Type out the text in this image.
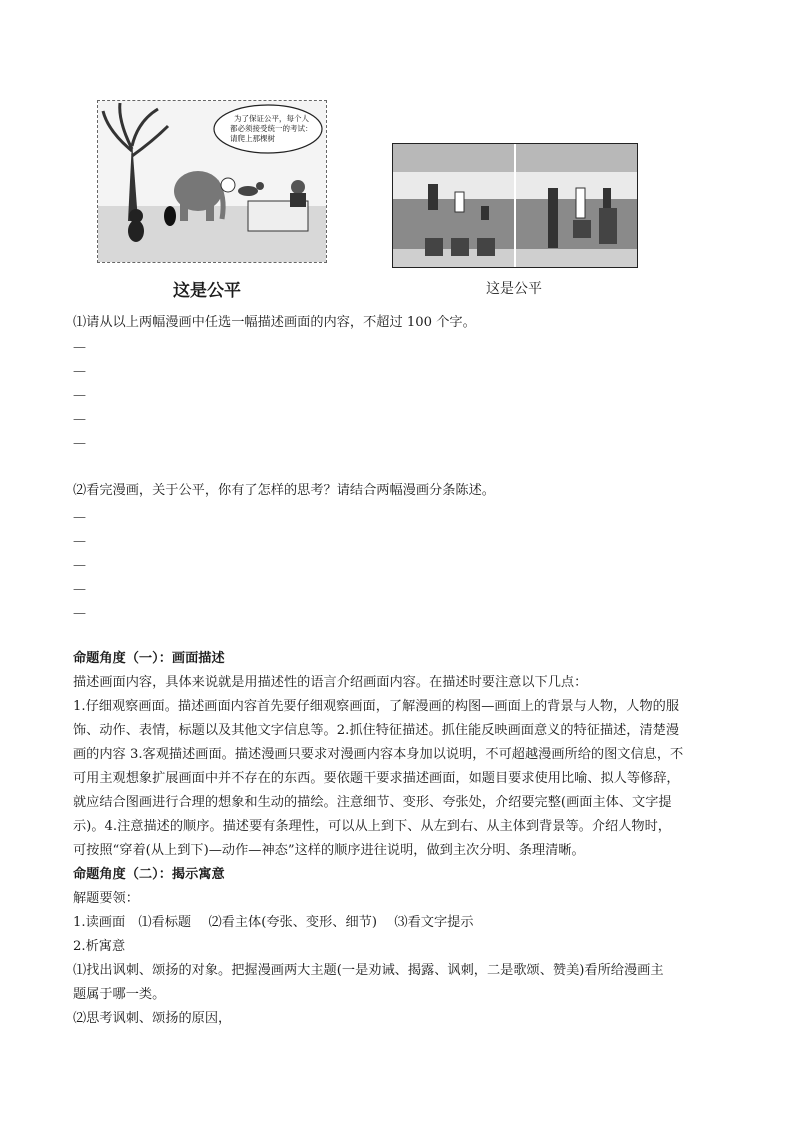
为了保证公平，每个人
都必须接受统一的考试：
请爬上那棵树
这是公平	这是公平
⑴请从以上两幅漫画中任选一幅描述画面的内容，不超过 100 个字。
—
—
—
—
—
⑵看完漫画，关于公平，你有了怎样的思考？请结合两幅漫画分条陈述。
—
—
—
—
—
命题角度（一）：画面描述
描述画面内容，具体来说就是用描述性的语言介绍画面内容。在描述时要注意以下几点：
1.仔细观察画面。描述画面内容首先要仔细观察画面，了解漫画的构图—画面上的背景与人物，人物的服
饰、动作、表情，标题以及其他文字信息等。2.抓住特征描述。抓住能反映画面意义的特征描述，清楚漫
画的内容 3.客观描述画面。描述漫画只要求对漫画内容本身加以说明，不可超越漫画所给的图文信息，不
可用主观想象扩展画面中并不存在的东西。要依题干要求描述画面，如题目要求使用比喻、拟人等修辞，
就应结合图画进行合理的想象和生动的描绘。注意细节、变形、夸张处，介绍要完整(画面主体、文字提
示)。4.注意描述的顺序。描述要有条理性，可以从上到下、从左到右、从主体到背景等。介绍人物时，
可按照“穿着(从上到下)—动作—神态”这样的顺序进往说明，做到主次分明、条理清晰。
命题角度（二）：揭示寓意
解题要领：
1.读画面　⑴看标题　 ⑵看主体(夸张、变形、细节)　 ⑶看文字提示
2.析寓意
⑴找出讽刺、颂扬的对象。把握漫画两大主题(一是劝诫、揭露、讽刺，二是歌颂、赞美)看所给漫画主
题属于哪一类。
⑵思考讽刺、颂扬的原因，
